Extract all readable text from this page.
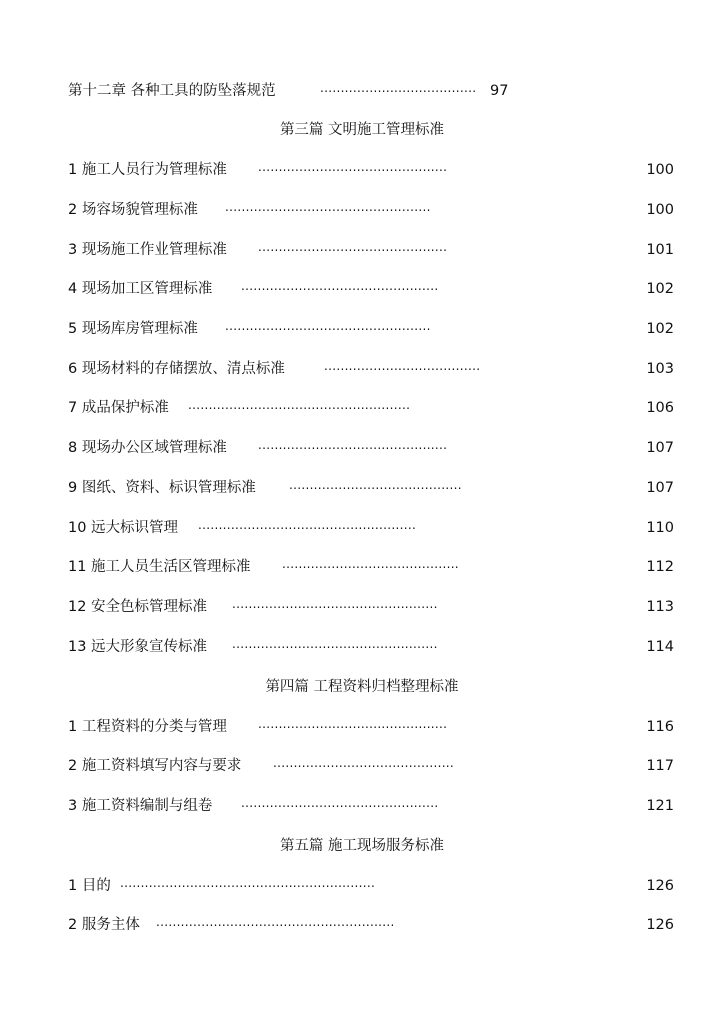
第十二章 各种工具的防坠落规范	...................................... 97
第三篇 文明施工管理标准
1 施工人员行为管理标准	..............................................	100
2 场容场貌管理标准 ..................................................	100
3 现场施工作业管理标准	..............................................	101
4 现场加工区管理标准 ................................................	102
5 现场库房管理标准 ..................................................	102
6 现场材料的存储摆放、清点标准	......................................	103
7 成品保护标准 ......................................................	106
8 现场办公区域管理标准	..............................................	107
9 图纸、资料、标识管理标准	..........................................	107
10 远大标识管理 .....................................................	110
11 施工人员生活区管理标准	...........................................	112
12 安全色标管理标准 ..................................................	113
13 远大形象宣传标准 ..................................................	114
第四篇 工程资料归档整理标准
1 工程资料的分类与管理	..............................................	116
2 施工资料填写内容与要求	............................................	117
3 施工资料编制与组卷 ................................................	121
第五篇 施工现场服务标准
1 目的 ..............................................................	126
2 服务主体 ..........................................................	126
